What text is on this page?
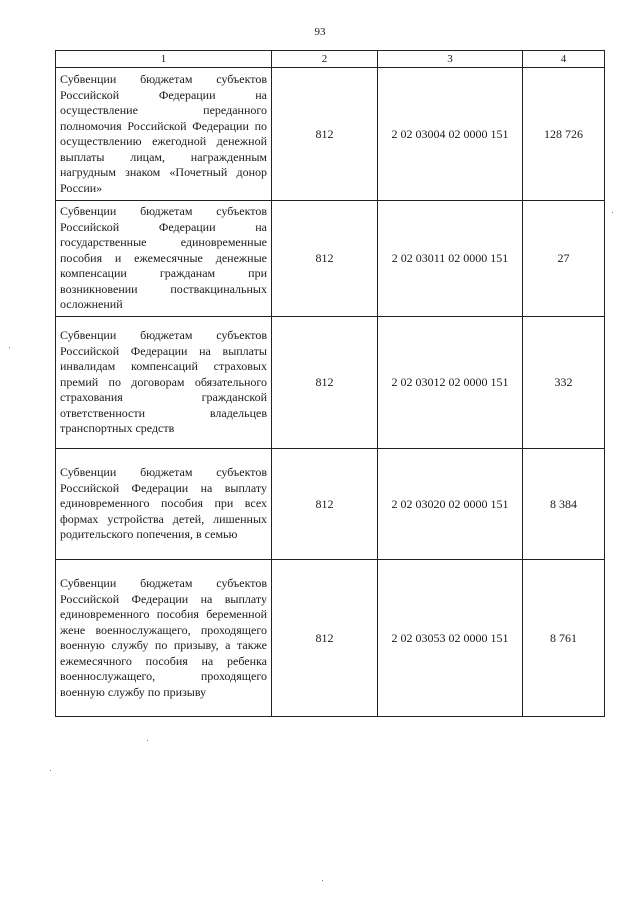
93
1	2	3	4
Субвенции бюджетам субъектов Российской Федерации на осуществление переданного полномочия Российской Федерации по осуществлению ежегодной денежной выплаты лицам, награжденным нагрудным знаком «Почетный донор России»	812	2 02 03004 02 0000 151	128 726
Субвенции бюджетам субъектов Российской Федерации на государственные единовременные пособия и ежемесячные денежные компенсации гражданам при возникновении поствакцинальных осложнений	812	2 02 03011 02 0000 151	27
Субвенции бюджетам субъектов Российской Федерации на выплаты инвалидам компенсаций страховых премий по договорам обязательного страхования гражданской ответственности владельцев транспортных средств	812	2 02 03012 02 0000 151	332
Субвенции бюджетам субъектов Российской Федерации на выплату единовременного пособия при всех формах устройства детей, лишенных родительского попечения, в семью	812	2 02 03020 02 0000 151	8 384
Субвенции бюджетам субъектов Российской Федерации на выплату единовременного пособия беременной жене военнослужащего, проходящего военную службу по призыву, а также ежемесячного пособия на ребенка военнослужащего, проходящего военную службу по призыву	812	2 02 03053 02 0000 151	8 761
